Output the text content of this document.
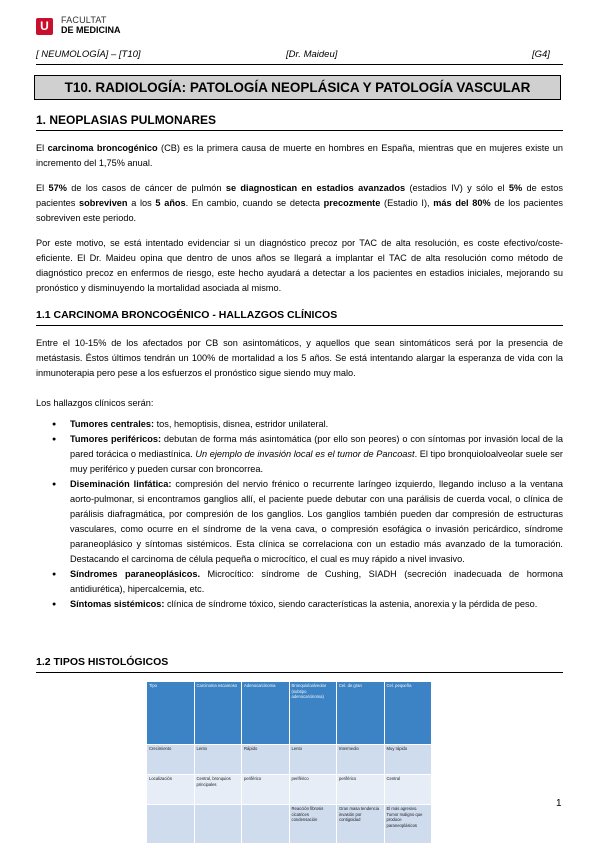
U	FACULTAT
DE MEDICINA
[ NEUMOLOGÍA] – [T10]	[Dr. Maideu]	[G4]
T10. RADIOLOGÍA: PATOLOGÍA NEOPLÁSICA Y PATOLOGÍA VASCULAR
1. NEOPLASIAS PULMONARES

El carcinoma broncogénico (CB) es la primera causa de muerte en hombres en España, mientras que en mujeres existe un incremento del 1,75% anual.

El 57% de los casos de cáncer de pulmón se diagnostican en estadios avanzados (estadios IV) y sólo el 5% de estos pacientes sobreviven a los 5 años. En cambio, cuando se detecta precozmente (Estadio I), más del 80% de los pacientes sobreviven este periodo.

Por este motivo, se está intentado evidenciar si un diagnóstico precoz por TAC de alta resolución, es coste efectivo/coste-eficiente. El Dr. Maideu opina que dentro de unos años se llegará a implantar el TAC de alta resolución como método de diagnóstico precoz en enfermos de riesgo, este hecho ayudará a detectar a los pacientes en estadios iniciales, mejorando su pronóstico y disminuyendo la mortalidad asociada al mismo.

1.1 CARCINOMA BRONCOGÉNICO - HALLAZGOS CLÍNICOS

Entre el 10-15% de los afectados por CB son asintomáticos, y aquellos que sean sintomáticos será por la presencia de metástasis. Éstos últimos tendrán un 100% de mortalidad a los 5 años. Se está intentando alargar la esperanza de vida con la inmunoterapia pero pese a los esfuerzos el pronóstico sigue siendo muy malo.

Los hallazgos clínicos serán:

● Tumores centrales: tos, hemoptisis, disnea, estridor unilateral.
● Tumores periféricos: debutan de forma más asintomática (por ello son peores) o con síntomas por invasión local de la pared torácica o mediastínica. Un ejemplo de invasión local es el tumor de Pancoast. El tipo bronquioloalveolar suele ser muy periférico y pueden cursar con broncorrea.
● Diseminación linfática: compresión del nervio frénico o recurrente laríngeo izquierdo, llegando incluso a la ventana aorto-pulmonar, si encontramos ganglios allí, el paciente puede debutar con una parálisis de cuerda vocal, o clínica de parálisis diafragmática, por compresión de los ganglios. Los ganglios también pueden dar compresión de estructuras vasculares, como ocurre en el síndrome de la vena cava, o compresión esofágica o invasión pericárdico, síndrome paraneoplásico y síntomas sistémicos. Esta clínica se correlaciona con un estadio más avanzado de la tumoración. Destacando el carcinoma de célula pequeña o microcítico, el cual es muy rápido a nivel invasivo.
● Síndromes paraneoplásicos. Microcítico: síndrome de Cushing, SIADH (secreción inadecuada de hormona antidiurética), hipercalcemia, etc.
● Síntomas sistémicos: clínica de síndrome tóxico, siendo características la astenia, anorexia y la pérdida de peso.
1.2 TIPOS HISTOLÓGICOS
Tipo	Carcinoma escamoso	Adenocarcinoma	Bronquioloalveolar (subtipo adenocarcinoma)	Cel. de gran	Cel. pequeña
Crecimiento	Lento	Rápido	Lento	Intermedio	Muy rápido
Localización	Central, bronquios principales	periférico	periférico	periférico	Central
			Reacción fibrosis cicatrices condensación	Gran masa tendencia invasión por contigüidad	El más agresivo. Tumor maligno que produce paraneoplásicos
1
